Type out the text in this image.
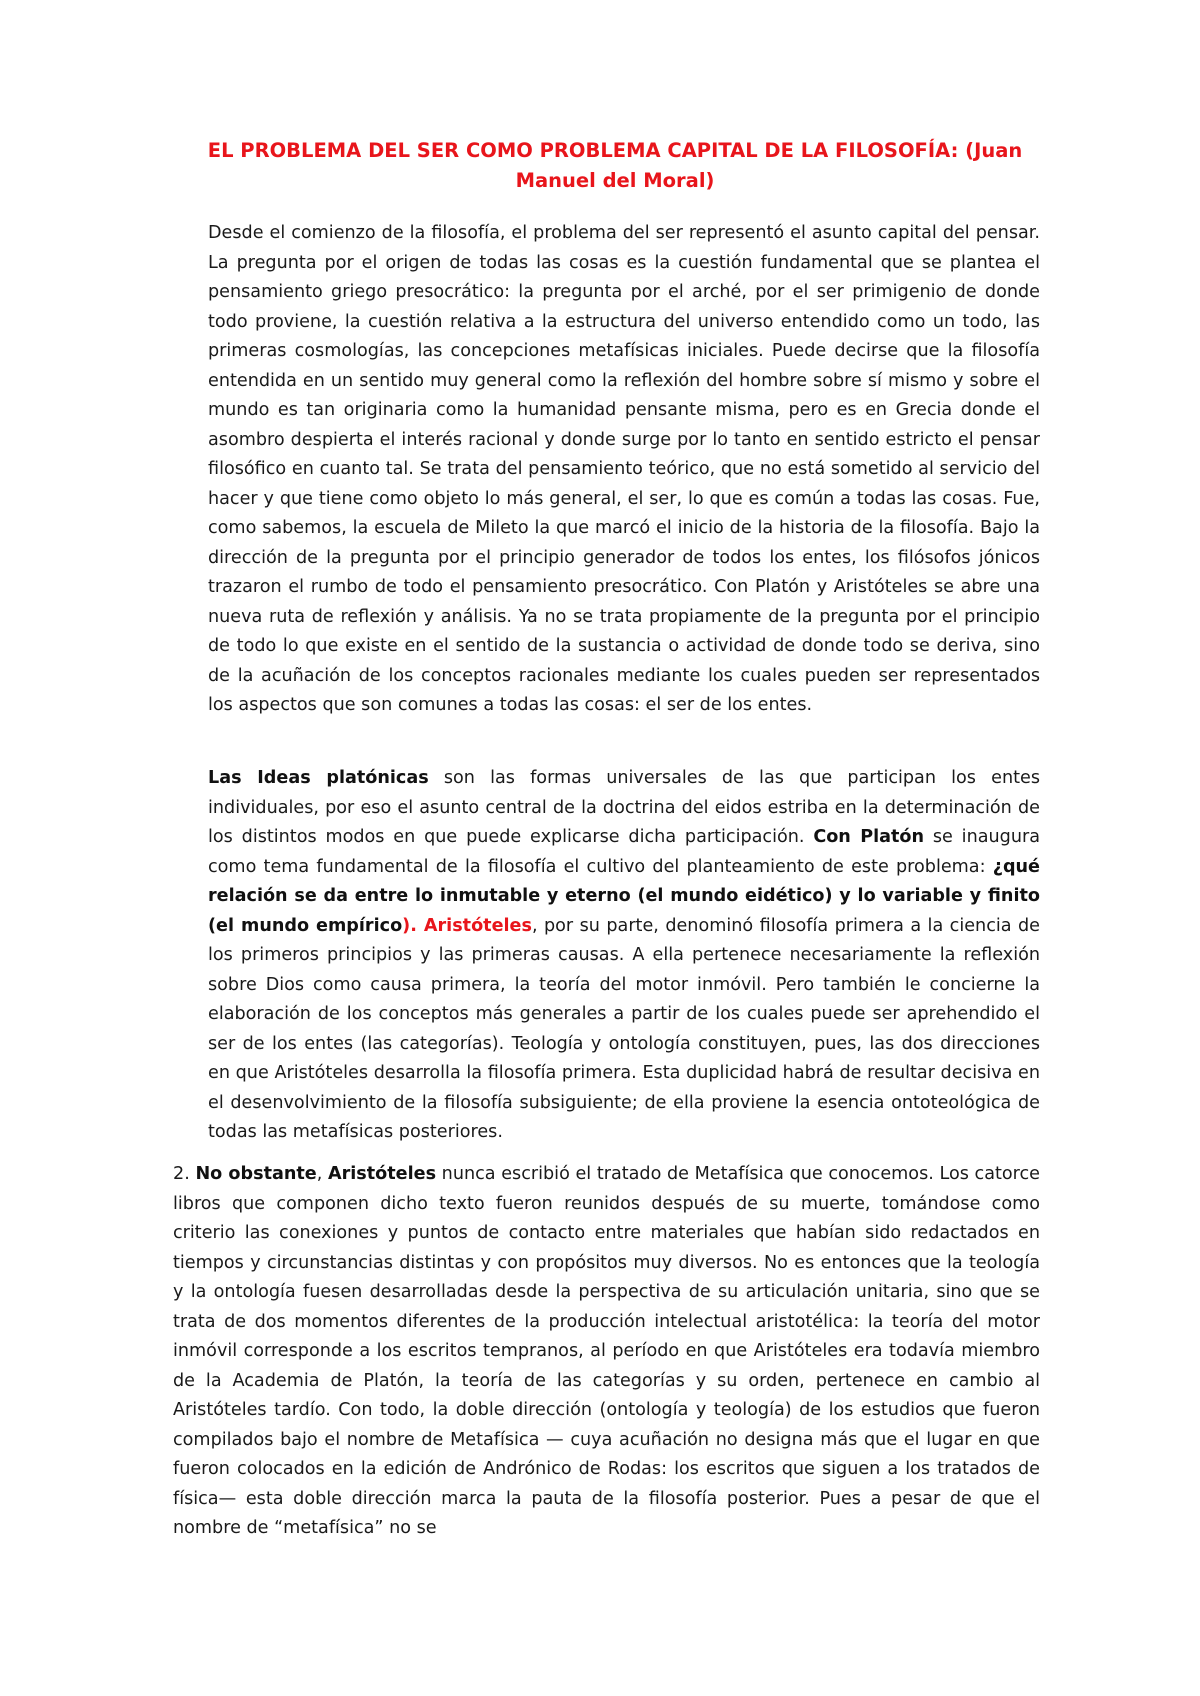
EL PROBLEMA DEL SER COMO PROBLEMA CAPITAL DE LA FILOSOFÍA: (Juan Manuel del Moral)

Desde el comienzo de la filosofía, el problema del ser representó el asunto capital del pensar. La pregunta por el origen de todas las cosas es la cuestión fundamental que se plantea el pensamiento griego presocrático: la pregunta por el arché, por el ser primigenio de donde todo proviene, la cuestión relativa a la estructura del universo entendido como un todo, las primeras cosmologías, las concepciones metafísicas iniciales. Puede decirse que la filosofía entendida en un sentido muy general como la reflexión del hombre sobre sí mismo y sobre el mundo es tan originaria como la humanidad pensante misma, pero es en Grecia donde el asombro despierta el interés racional y donde surge por lo tanto en sentido estricto el pensar filosófico en cuanto tal. Se trata del pensamiento teórico, que no está sometido al servicio del hacer y que tiene como objeto lo más general, el ser, lo que es común a todas las cosas. Fue, como sabemos, la escuela de Mileto la que marcó el inicio de la historia de la filosofía. Bajo la dirección de la pregunta por el principio generador de todos los entes, los filósofos jónicos trazaron el rumbo de todo el pensamiento presocrático. Con Platón y Aristóteles se abre una nueva ruta de reflexión y análisis. Ya no se trata propiamente de la pregunta por el principio de todo lo que existe en el sentido de la sustancia o actividad de donde todo se deriva, sino de la acuñación de los conceptos racionales mediante los cuales pueden ser representados los aspectos que son comunes a todas las cosas: el ser de los entes.

Las Ideas platónicas son las formas universales de las que participan los entes individuales, por eso el asunto central de la doctrina del eidos estriba en la determinación de los distintos modos en que puede explicarse dicha participación. Con Platón se inaugura como tema fundamental de la filosofía el cultivo del planteamiento de este problema: ¿qué relación se da entre lo inmutable y eterno (el mundo eidético) y lo variable y finito (el mundo empírico). Aristóteles, por su parte, denominó filosofía primera a la ciencia de los primeros principios y las primeras causas. A ella pertenece necesariamente la reflexión sobre Dios como causa primera, la teoría del motor inmóvil. Pero también le concierne la elaboración de los conceptos más generales a partir de los cuales puede ser aprehendido el ser de los entes (las categorías). Teología y ontología constituyen, pues, las dos direcciones en que Aristóteles desarrolla la filosofía primera. Esta duplicidad habrá de resultar decisiva en el desenvolvimiento de la filosofía subsiguiente; de ella proviene la esencia ontoteológica de todas las metafísicas posteriores.

2. No obstante, Aristóteles nunca escribió el tratado de Metafísica que conocemos. Los catorce libros que componen dicho texto fueron reunidos después de su muerte, tomándose como criterio las conexiones y puntos de contacto entre materiales que habían sido redactados en tiempos y circunstancias distintas y con propósitos muy diversos. No es entonces que la teología y la ontología fuesen desarrolladas desde la perspectiva de su articulación unitaria, sino que se trata de dos momentos diferentes de la producción intelectual aristotélica: la teoría del motor inmóvil corresponde a los escritos tempranos, al período en que Aristóteles era todavía miembro de la Academia de Platón, la teoría de las categorías y su orden, pertenece en cambio al Aristóteles tardío. Con todo, la doble dirección (ontología y teología) de los estudios que fueron compilados bajo el nombre de Metafísica — cuya acuñación no designa más que el lugar en que fueron colocados en la edición de Andrónico de Rodas: los escritos que siguen a los tratados de física— esta doble dirección marca la pauta de la filosofía posterior. Pues a pesar de que el nombre de “metafísica” no se
